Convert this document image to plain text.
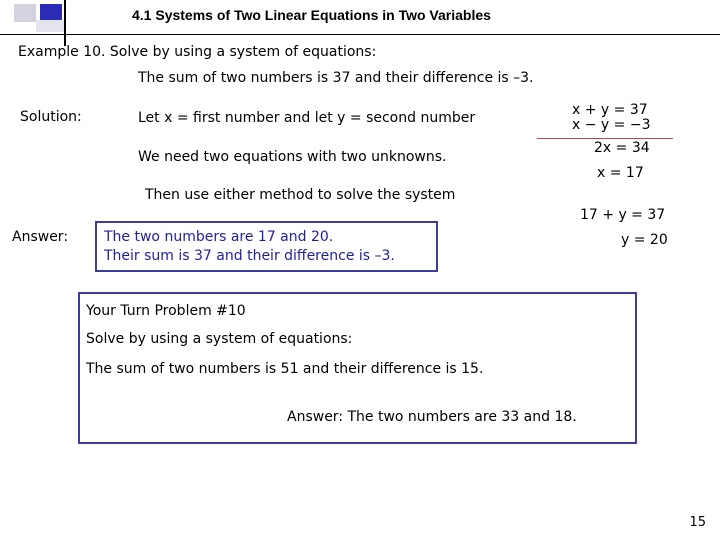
4.1 Systems of Two Linear Equations in Two Variables
Example 10. Solve by using a system of equations:
The sum of two numbers is 37 and their difference is –3.
Solution:	Let x = first number and let y = second number
We need two equations with two unknowns.
Then use either method to solve the system
x + y = 37
x − y = −3
2x = 34
x = 17
17 + y = 37
y = 20
Answer:	The two numbers are 17 and 20.
Their sum is 37 and their difference is –3.
Your Turn Problem #10
Solve by using a system of equations:
The sum of two numbers is 51 and their difference is 15.
Answer: The two numbers are 33 and 18.
15
